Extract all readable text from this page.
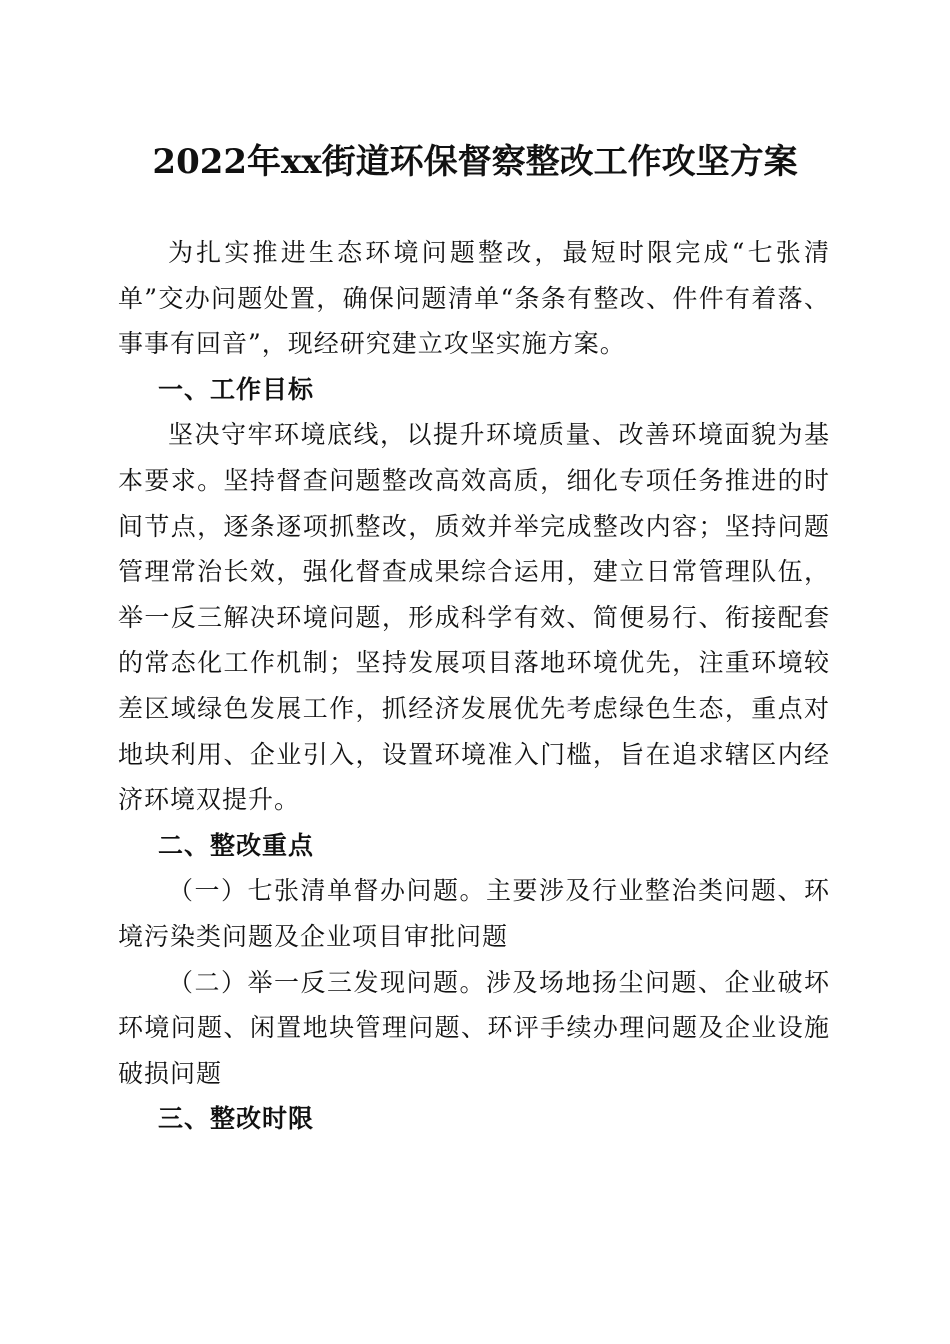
2022年xx街道环保督察整改工作攻坚方案

为扎实推进生态环境问题整改，最短时限完成“七张清单”交办问题处置，确保问题清单“条条有整改、件件有着落、事事有回音”，现经研究建立攻坚实施方案。

一、工作目标

坚决守牢环境底线，以提升环境质量、改善环境面貌为基本要求。坚持督查问题整改高效高质，细化专项任务推进的时间节点，逐条逐项抓整改，质效并举完成整改内容；坚持问题管理常治长效，强化督查成果综合运用，建立日常管理队伍，举一反三解决环境问题，形成科学有效、简便易行、衔接配套的常态化工作机制；坚持发展项目落地环境优先，注重环境较差区域绿色发展工作，抓经济发展优先考虑绿色生态，重点对地块利用、企业引入，设置环境准入门槛，旨在追求辖区内经济环境双提升。

二、整改重点

（一）七张清单督办问题。主要涉及行业整治类问题、环境污染类问题及企业项目审批问题

（二）举一反三发现问题。涉及场地扬尘问题、企业破坏环境问题、闲置地块管理问题、环评手续办理问题及企业设施破损问题

三、整改时限
